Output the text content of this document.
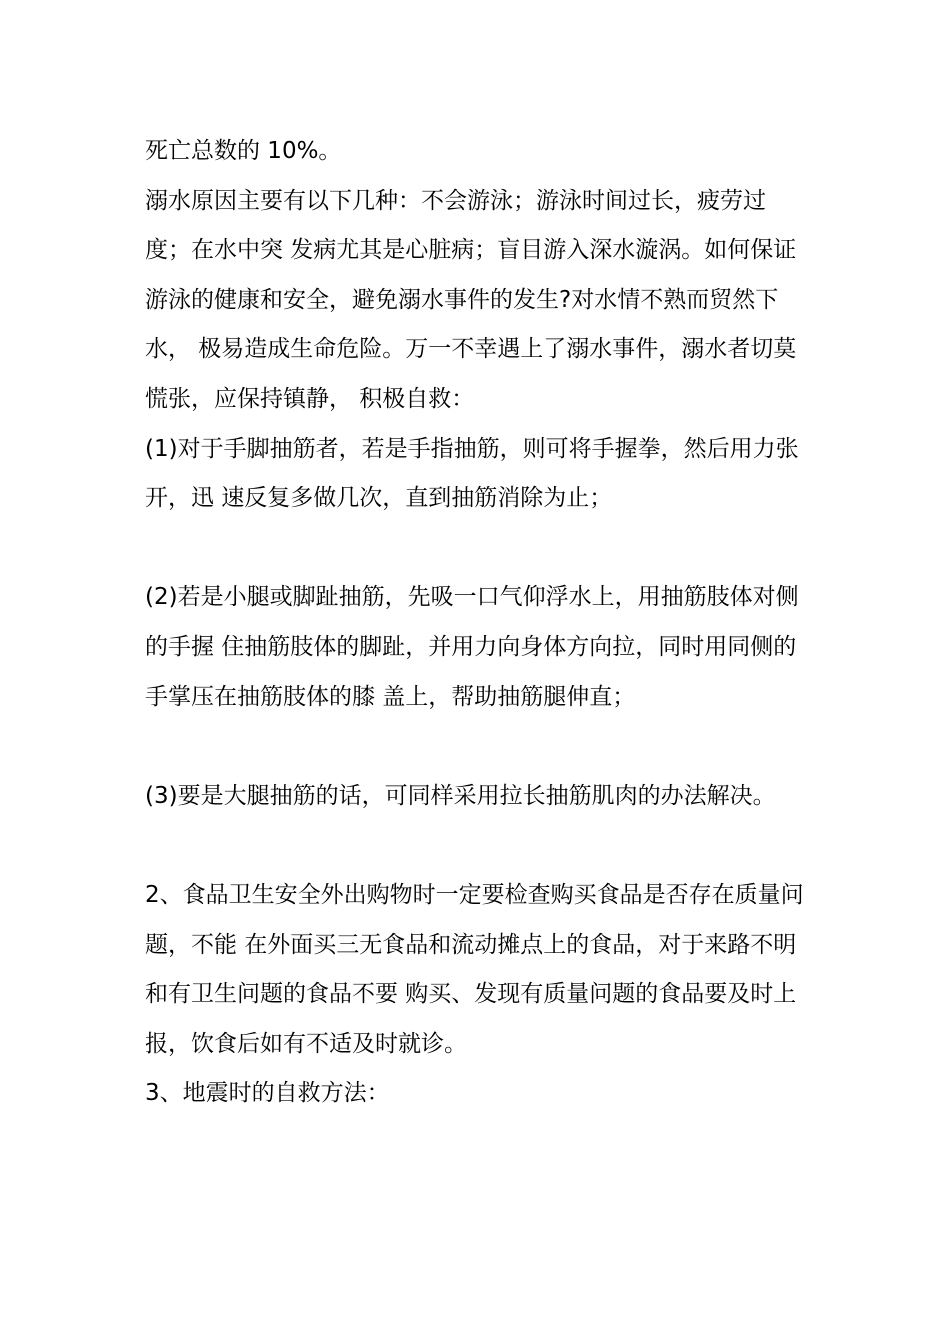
死亡总数的 10%。

溺水原因主要有以下几种：不会游泳；游泳时间过长，疲劳过度；在水中突 发病尤其是心脏病；盲目游入深水漩涡。如何保证游泳的健康和安全，避免溺水事件的发生?对水情不熟而贸然下水， 极易造成生命危险。万一不幸遇上了溺水事件，溺水者切莫慌张，应保持镇静， 积极自救：

(1)对于手脚抽筋者，若是手指抽筋，则可将手握拳，然后用力张开，迅 速反复多做几次，直到抽筋消除为止；

(2)若是小腿或脚趾抽筋，先吸一口气仰浮水上，用抽筋肢体对侧的手握 住抽筋肢体的脚趾，并用力向身体方向拉，同时用同侧的手掌压在抽筋肢体的膝 盖上，帮助抽筋腿伸直；

(3)要是大腿抽筋的话，可同样采用拉长抽筋肌肉的办法解决。

2、食品卫生安全外出购物时一定要检查购买食品是否存在质量问题，不能 在外面买三无食品和流动摊点上的食品，对于来路不明和有卫生问题的食品不要 购买、发现有质量问题的食品要及时上报，饮食后如有不适及时就诊。

3、地震时的自救方法：
